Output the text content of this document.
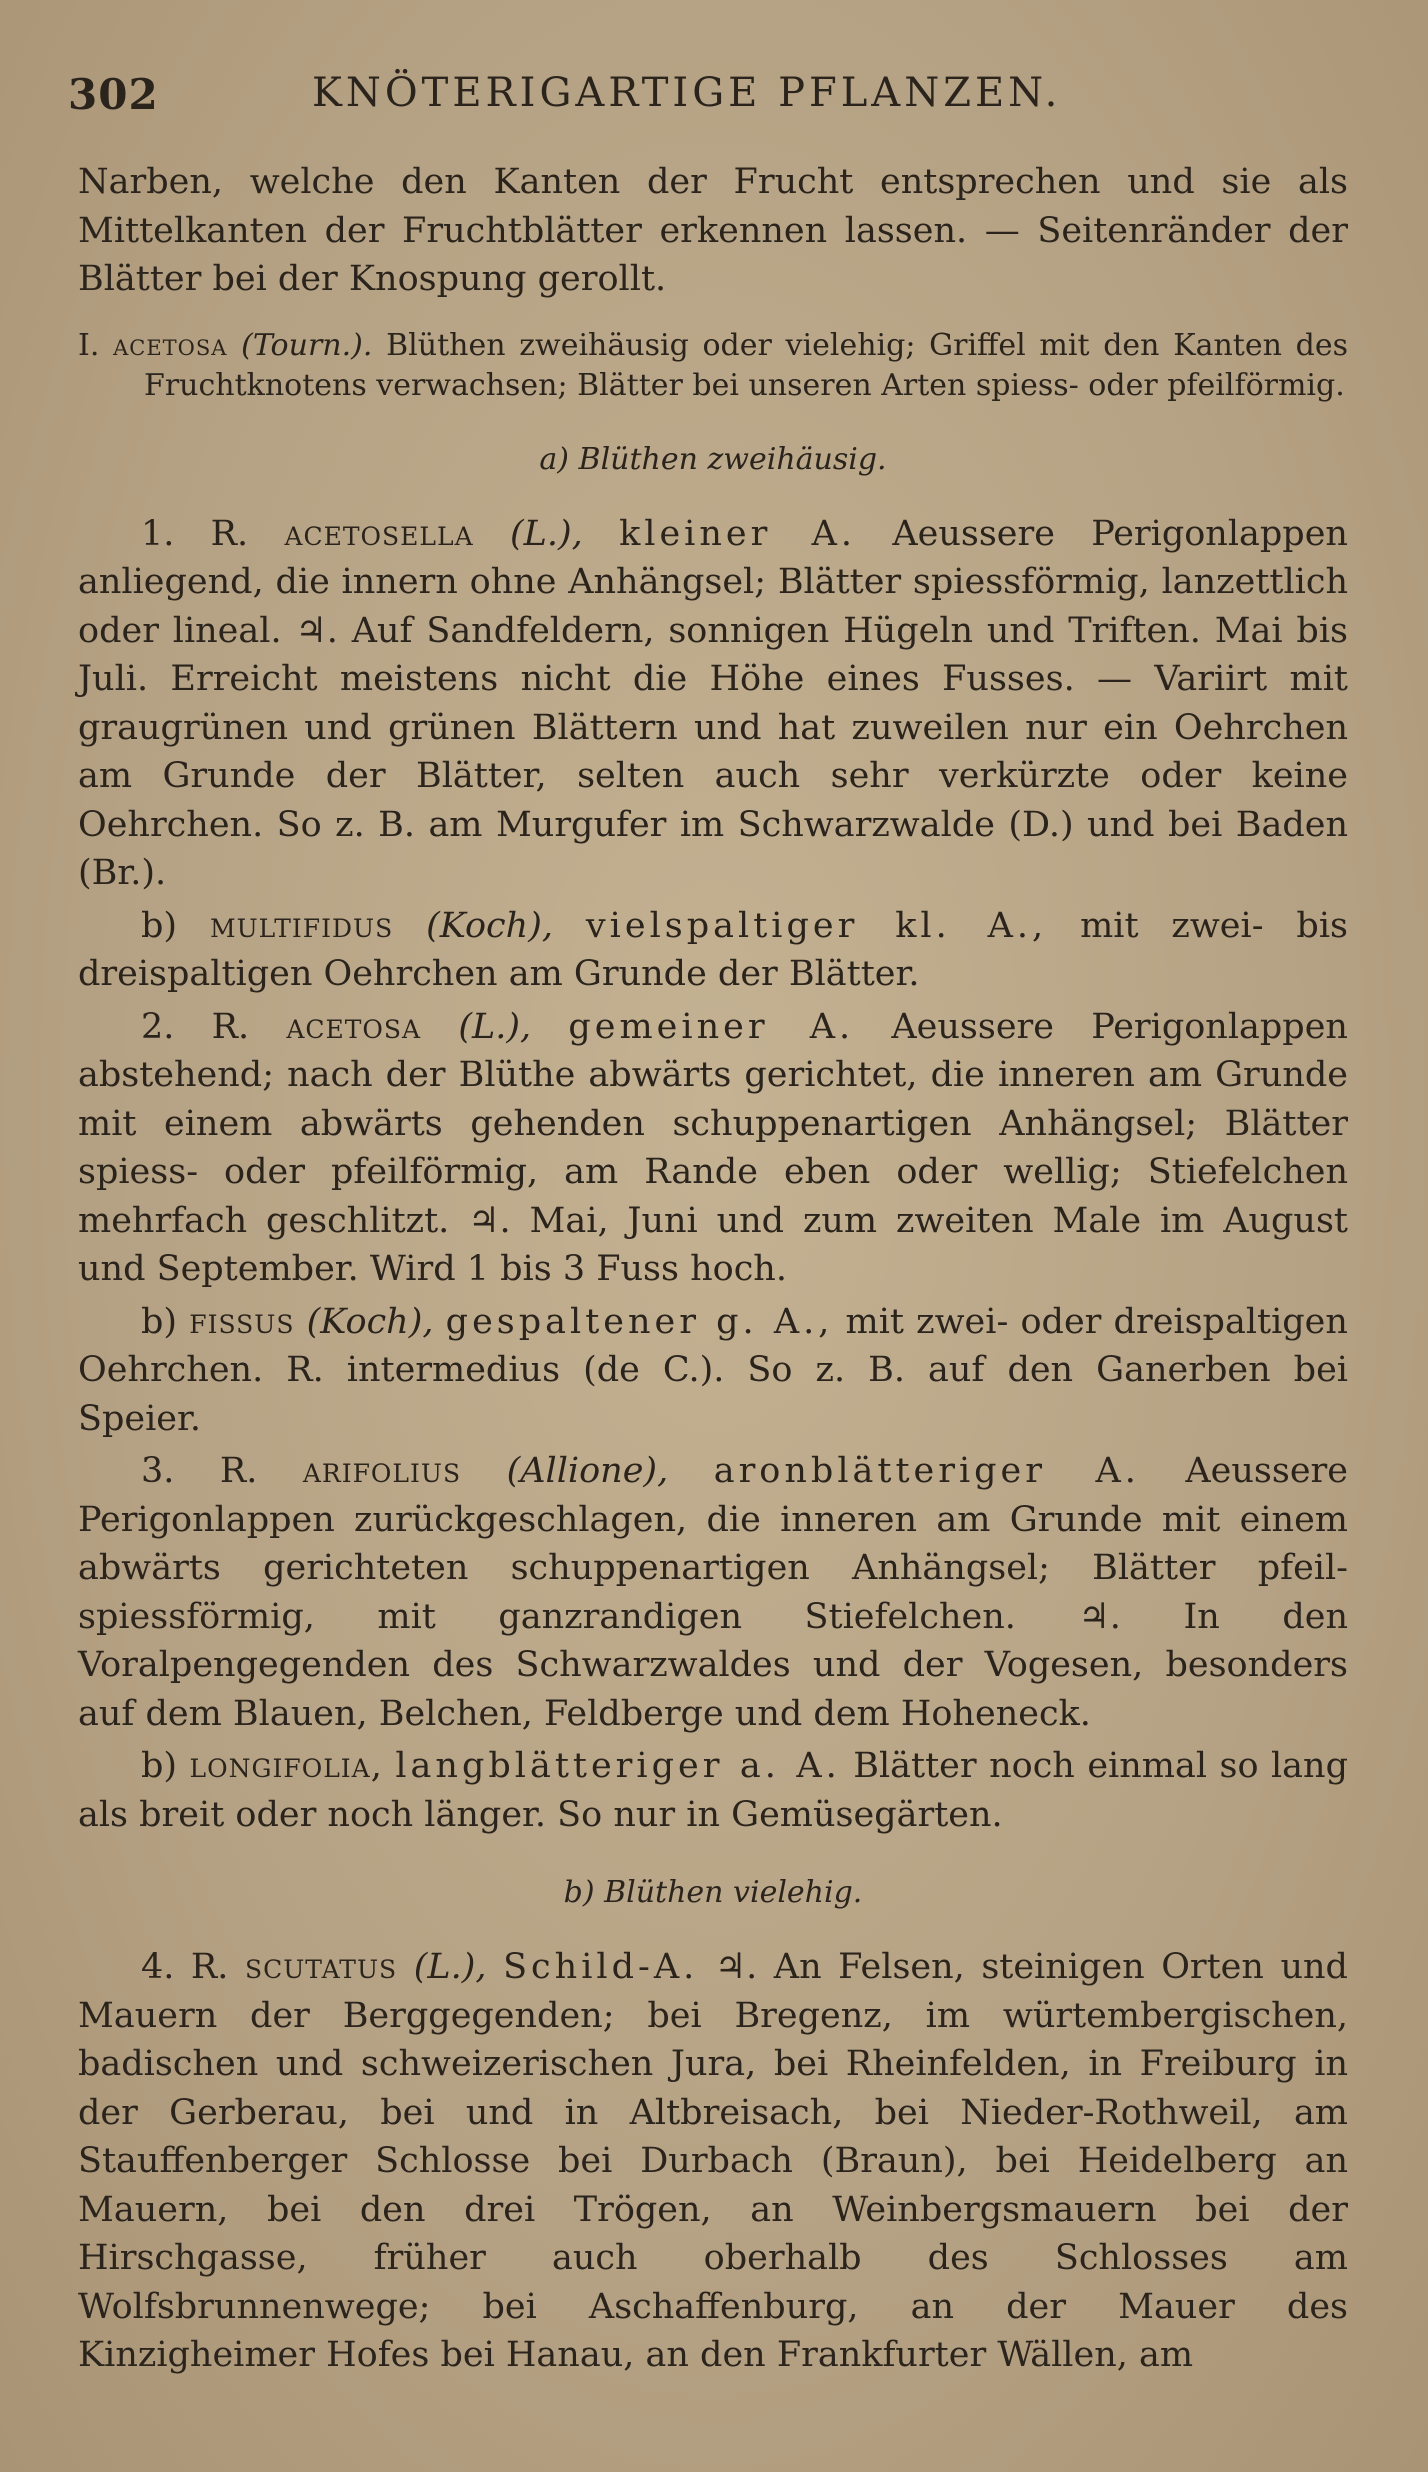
302	KNÖTERIGARTIGE PFLANZEN.

Narben, welche den Kanten der Frucht entsprechen und sie als Mittelkanten der Fruchtblätter erkennen lassen. — Seitenränder der Blätter bei der Knospung gerollt.

I. acetosa (Tourn.). Blüthen zweihäusig oder vielehig; Griffel mit den Kanten des Fruchtknotens verwachsen; Blätter bei unseren Arten spiess- oder pfeilförmig.

a) Blüthen zweihäusig.

1. R. acetosella (L.), kleiner A. Aeussere Perigonlappen anliegend, die innern ohne Anhängsel; Blätter spiessförmig, lanzettlich oder lineal. ♃. Auf Sandfeldern, sonnigen Hügeln und Triften. Mai bis Juli. Erreicht meistens nicht die Höhe eines Fusses. — Variirt mit graugrünen und grünen Blättern und hat zuweilen nur ein Oehrchen am Grunde der Blätter, selten auch sehr verkürzte oder keine Oehrchen. So z. B. am Murgufer im Schwarzwalde (D.) und bei Baden (Br.).

b) multifidus (Koch), vielspaltiger kl. A., mit zwei- bis dreispaltigen Oehrchen am Grunde der Blätter.

2. R. acetosa (L.), gemeiner A. Aeussere Perigonlappen abstehend; nach der Blüthe abwärts gerichtet, die inneren am Grunde mit einem abwärts gehenden schuppenartigen Anhängsel; Blätter spiess- oder pfeilförmig, am Rande eben oder wellig; Stiefelchen mehrfach geschlitzt. ♃. Mai, Juni und zum zweiten Male im August und September. Wird 1 bis 3 Fuss hoch.

b) fissus (Koch), gespaltener g. A., mit zwei- oder dreispaltigen Oehrchen. R. intermedius (de C.). So z. B. auf den Ganerben bei Speier.

3. R. arifolius (Allione), aronblätteriger A. Aeussere Perigonlappen zurückgeschlagen, die inneren am Grunde mit einem abwärts gerichteten schuppenartigen Anhängsel; Blätter pfeil-spiessförmig, mit ganzrandigen Stiefelchen. ♃. In den Voralpengegenden des Schwarzwaldes und der Vogesen, besonders auf dem Blauen, Belchen, Feldberge und dem Hoheneck.

b) longifolia, langblätteriger a. A. Blätter noch einmal so lang als breit oder noch länger. So nur in Gemüsegärten.

b) Blüthen vielehig.

4. R. scutatus (L.), Schild-A. ♃. An Felsen, steinigen Orten und Mauern der Berggegenden; bei Bregenz, im würtembergischen, badischen und schweizerischen Jura, bei Rheinfelden, in Freiburg in der Gerberau, bei und in Altbreisach, bei Nieder-Rothweil, am Stauffenberger Schlosse bei Durbach (Braun), bei Heidelberg an Mauern, bei den drei Trögen, an Weinbergsmauern bei der Hirschgasse, früher auch oberhalb des Schlosses am Wolfsbrunnenwege; bei Aschaffenburg, an der Mauer des Kinzigheimer Hofes bei Hanau, an den Frankfurter Wällen, am
